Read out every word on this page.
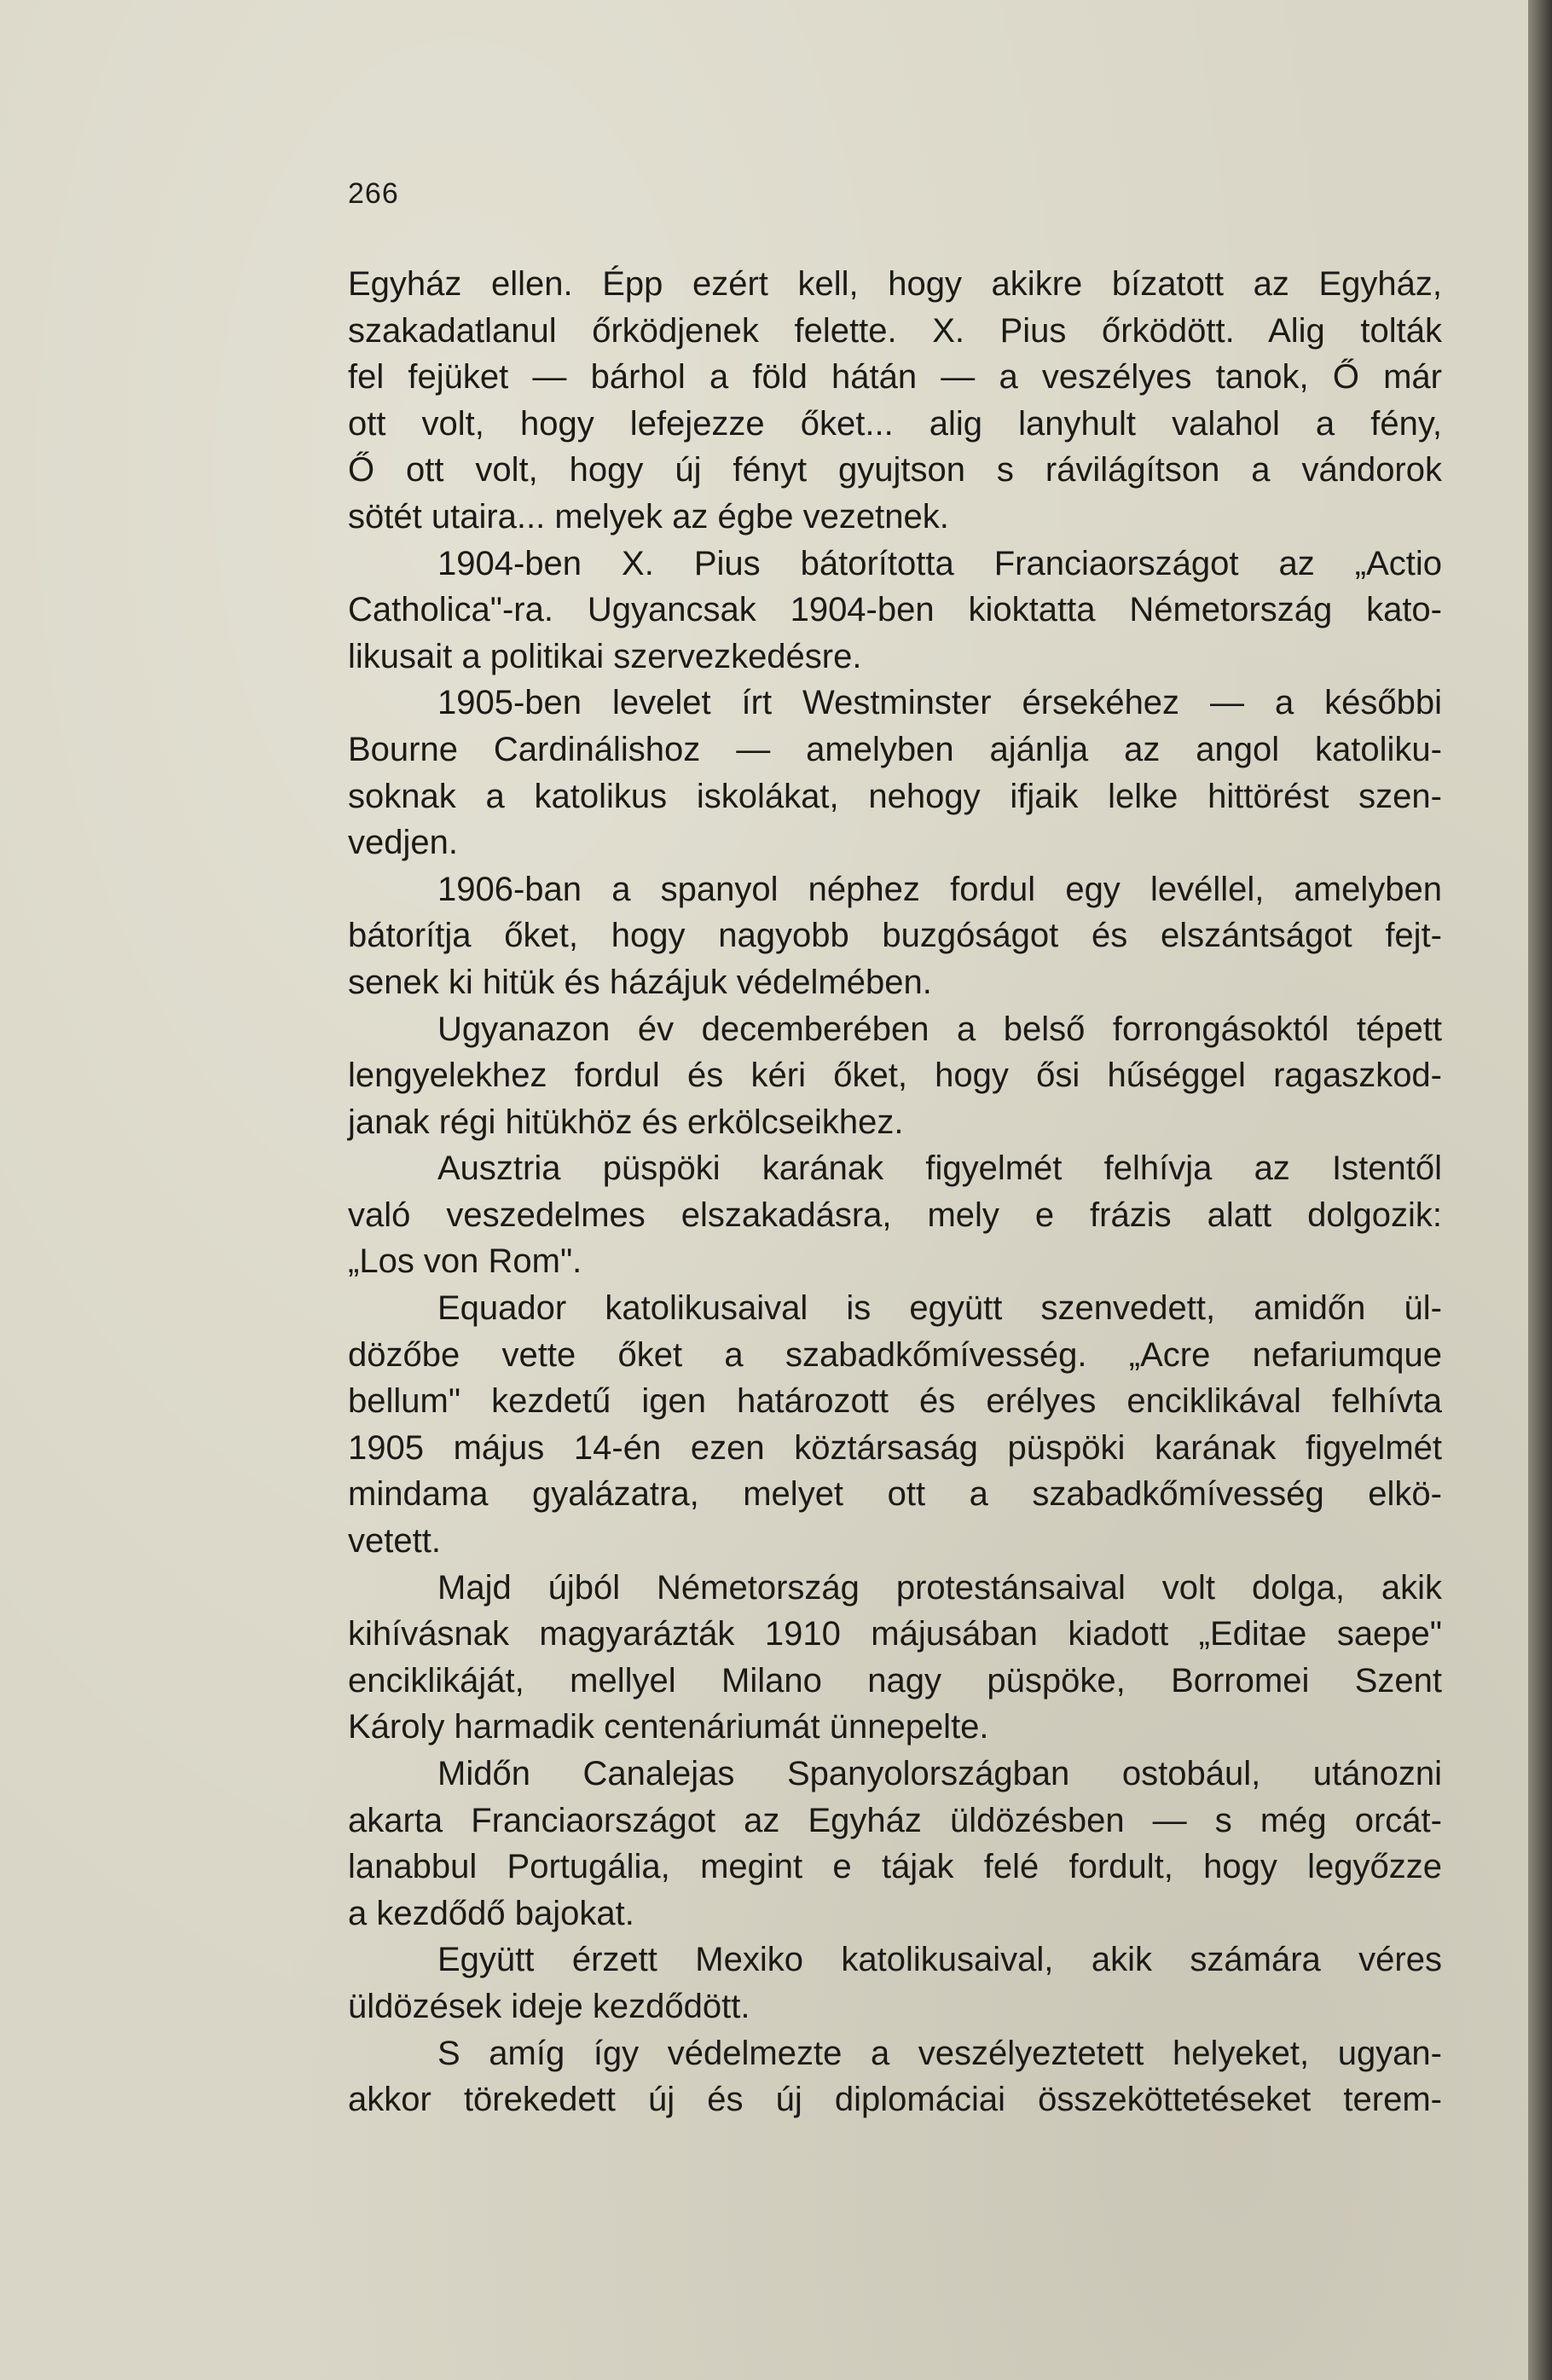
266
Egyház ellen. Épp ezért kell, hogy akikre bízatott az Egyház,
szakadatlanul őrködjenek felette. X. Pius őrködött. Alig tolták
fel fejüket — bárhol a föld hátán — a veszélyes tanok, Ő már
ott volt, hogy lefejezze őket... alig lanyhult valahol a fény,
Ő ott volt, hogy új fényt gyujtson s rávilágítson a vándorok
sötét utaira... melyek az égbe vezetnek.
1904-ben X. Pius bátorította Franciaországot az „Actio
Catholica"-ra. Ugyancsak 1904-ben kioktatta Németország kato-
likusait a politikai szervezkedésre.
1905-ben levelet írt Westminster érsekéhez — a későbbi
Bourne Cardinálishoz — amelyben ajánlja az angol katoliku-
soknak a katolikus iskolákat, nehogy ifjaik lelke hittörést szen-
vedjen.
1906-ban a spanyol néphez fordul egy levéllel, amelyben
bátorítja őket, hogy nagyobb buzgóságot és elszántságot fejt-
senek ki hitük és házájuk védelmében.
Ugyanazon év decemberében a belső forrongásoktól tépett
lengyelekhez fordul és kéri őket, hogy ősi hűséggel ragaszkod-
janak régi hitükhöz és erkölcseikhez.
Ausztria püspöki karának figyelmét felhívja az Istentől
való veszedelmes elszakadásra, mely e frázis alatt dolgozik:
„Los von Rom".
Equador katolikusaival is együtt szenvedett, amidőn ül-
dözőbe vette őket a szabadkőmívesség. „Acre nefariumque
bellum" kezdetű igen határozott és erélyes enciklikával felhívta
1905 május 14-én ezen köztársaság püspöki karának figyelmét
mindama gyalázatra, melyet ott a szabadkőmívesség elkö-
vetett.
Majd újból Németország protestánsaival volt dolga, akik
kihívásnak magyarázták 1910 májusában kiadott „Editae saepe"
enciklikáját, mellyel Milano nagy püspöke, Borromei Szent
Károly harmadik centenáriumát ünnepelte.
Midőn Canalejas Spanyolországban ostobául, utánozni
akarta Franciaországot az Egyház üldözésben — s még orcát-
lanabbul Portugália, megint e tájak felé fordult, hogy legyőzze
a kezdődő bajokat.
Együtt érzett Mexiko katolikusaival, akik számára véres
üldözések ideje kezdődött.
S amíg így védelmezte a veszélyeztetett helyeket, ugyan-
akkor törekedett új és új diplomáciai összeköttetéseket terem-
